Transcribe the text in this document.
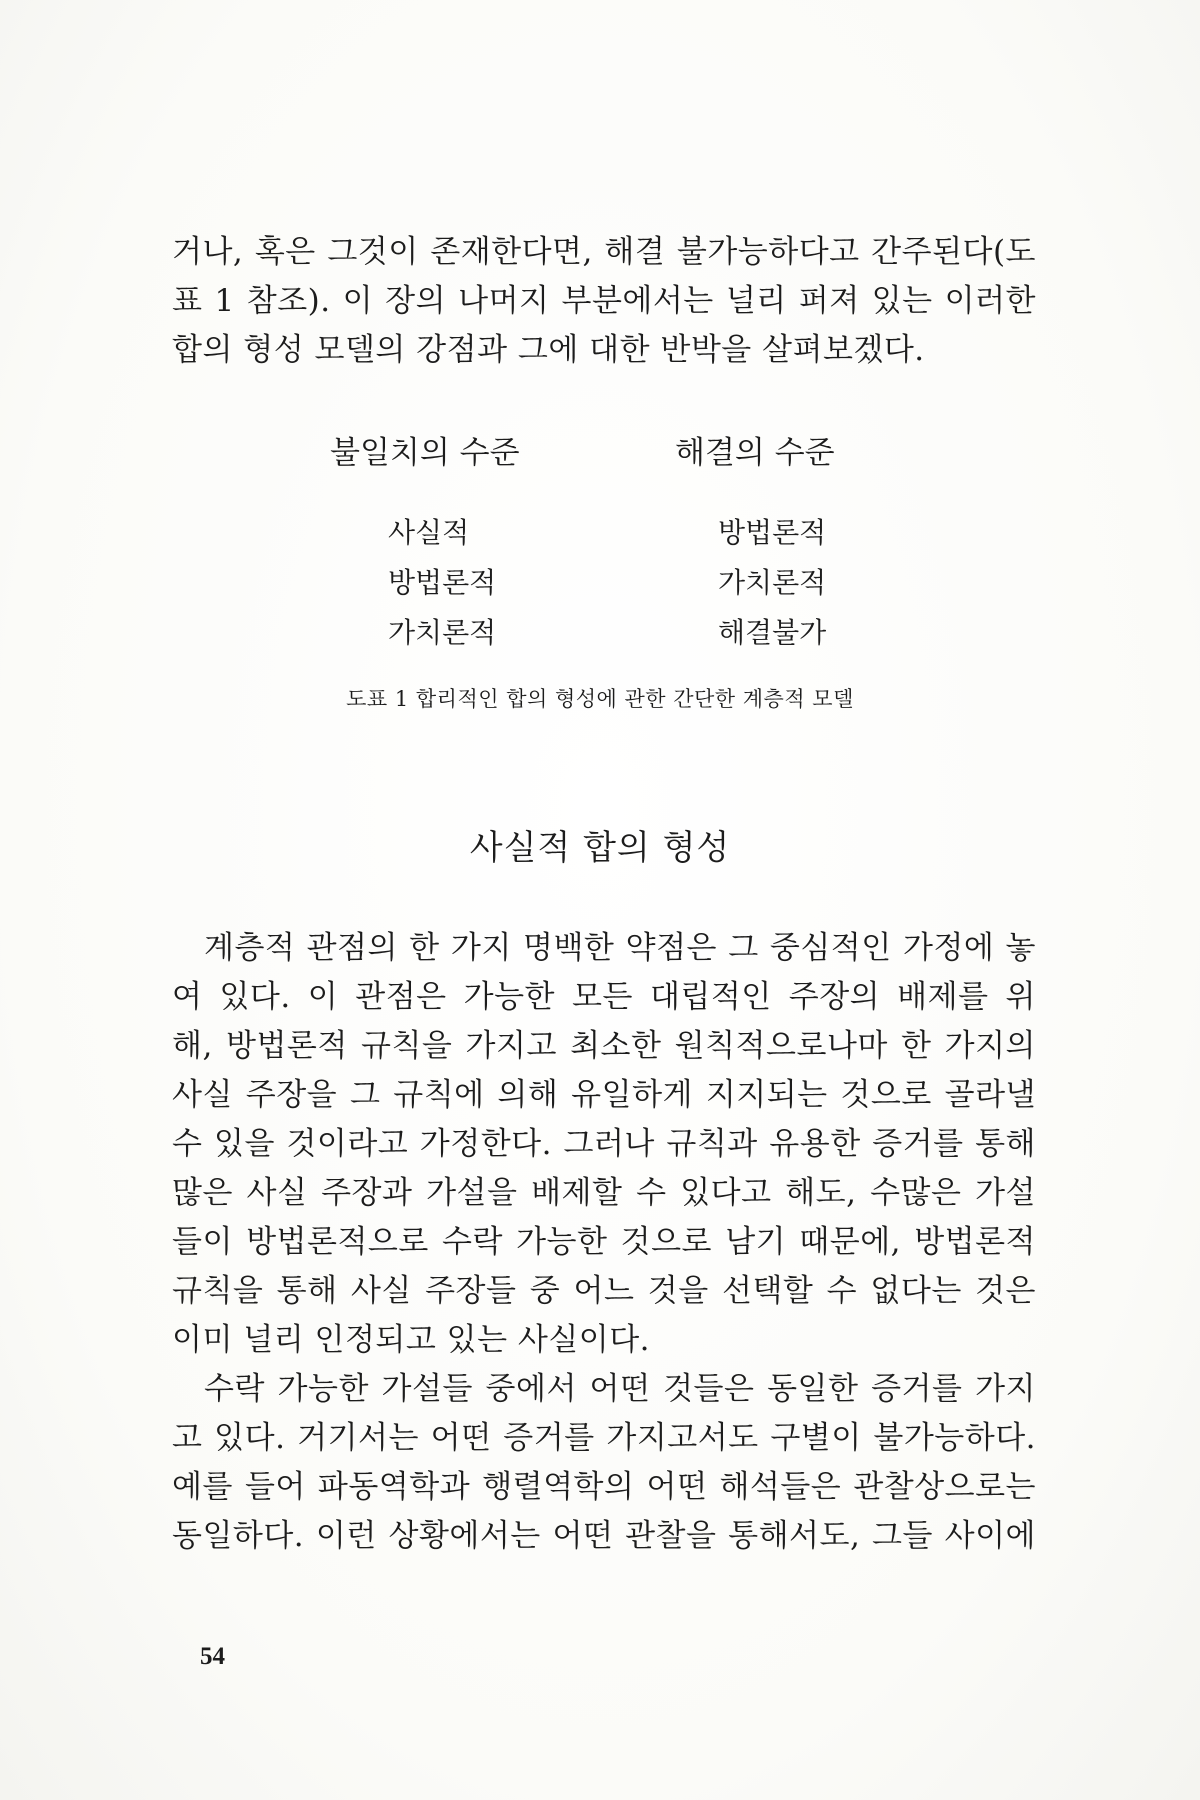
거나, 혹은 그것이 존재한다면, 해결 불가능하다고 간주된다(도
표 1 참조). 이 장의 나머지 부분에서는 널리 퍼져 있는 이러한
합의 형성 모델의 강점과 그에 대한 반박을 살펴보겠다.
불일치의 수준	해결의 수준
사실적	방법론적
방법론적	가치론적
가치론적	해결불가
도표 1 합리적인 합의 형성에 관한 간단한 계층적 모델
사실적 합의 형성
계층적 관점의 한 가지 명백한 약점은 그 중심적인 가정에 놓
여 있다. 이 관점은 가능한 모든 대립적인 주장의 배제를 위
해, 방법론적 규칙을 가지고 최소한 원칙적으로나마 한 가지의
사실 주장을 그 규칙에 의해 유일하게 지지되는 것으로 골라낼
수 있을 것이라고 가정한다. 그러나 규칙과 유용한 증거를 통해
많은 사실 주장과 가설을 배제할 수 있다고 해도, 수많은 가설
들이 방법론적으로 수락 가능한 것으로 남기 때문에, 방법론적
규칙을 통해 사실 주장들 중 어느 것을 선택할 수 없다는 것은
이미 널리 인정되고 있는 사실이다.
수락 가능한 가설들 중에서 어떤 것들은 동일한 증거를 가지
고 있다. 거기서는 어떤 증거를 가지고서도 구별이 불가능하다.
예를 들어 파동역학과 행렬역학의 어떤 해석들은 관찰상으로는
동일하다. 이런 상황에서는 어떤 관찰을 통해서도, 그들 사이에
54
